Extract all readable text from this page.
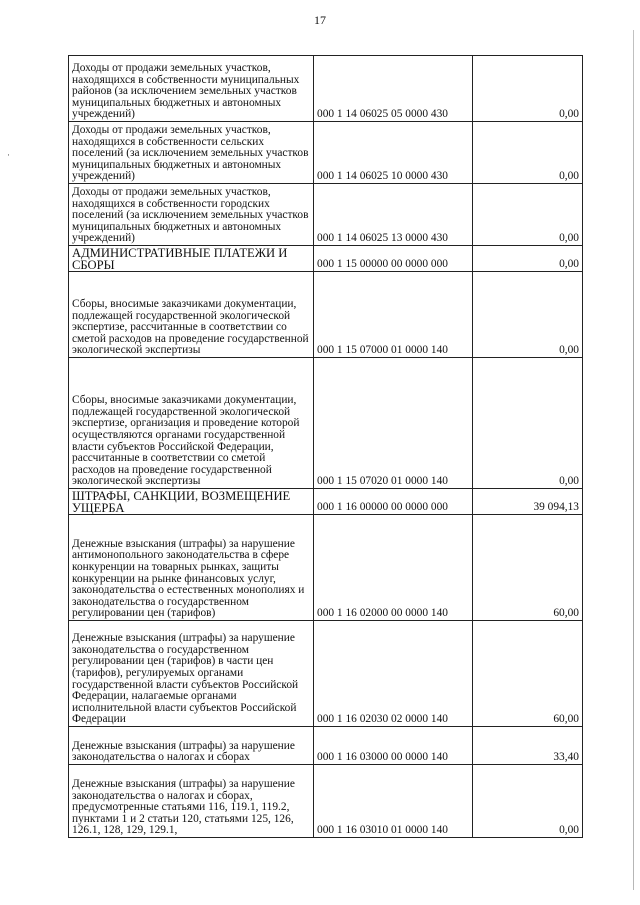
17
·
Доходы от продажи земельных участков, находящихся в собственности муниципальных районов (за исключением земельных участков муниципальных бюджетных и автономных учреждений)	000 1 14 06025 05 0000 430	0,00
Доходы от продажи земельных участков, находящихся в собственности сельских поселений (за исключением земельных участков муниципальных бюджетных и автономных учреждений)	000 1 14 06025 10 0000 430	0,00
Доходы от продажи земельных участков, находящихся в собственности городских поселений (за исключением земельных участков муниципальных бюджетных и автономных учреждений)	000 1 14 06025 13 0000 430	0,00
АДМИНИСТРАТИВНЫЕ ПЛАТЕЖИ И СБОРЫ	000 1 15 00000 00 0000 000	0,00
Сборы, вносимые заказчиками документации, подлежащей государственной экологической экспертизе, рассчитанные в соответствии со сметой расходов на проведение государственной экологической экспертизы	000 1 15 07000 01 0000 140	0,00
Сборы, вносимые заказчиками документации, подлежащей государственной экологической экспертизе, организация и проведение которой осуществляются органами государственной власти субъектов Российской Федерации, рассчитанные в соответствии со сметой расходов на проведение государственной экологической экспертизы	000 1 15 07020 01 0000 140	0,00
ШТРАФЫ, САНКЦИИ, ВОЗМЕЩЕНИЕ УЩЕРБА	000 1 16 00000 00 0000 000	39 094,13
Денежные взыскания (штрафы) за нарушение антимонопольного законодательства в сфере конкуренции на товарных рынках, защиты конкуренции на рынке финансовых услуг, законодательства о естественных монополиях и законодательства о государственном регулировании цен (тарифов)	000 1 16 02000 00 0000 140	60,00
Денежные взыскания (штрафы) за нарушение законодательства о государственном регулировании цен (тарифов) в части цен (тарифов), регулируемых органами государственной власти субъектов Российской Федерации, налагаемые органами исполнительной власти субъектов Российской Федерации	000 1 16 02030 02 0000 140	60,00
Денежные взыскания (штрафы) за нарушение законодательства о налогах и сборах	000 1 16 03000 00 0000 140	33,40
Денежные взыскания (штрафы) за нарушение законодательства о налогах и сборах, предусмотренные статьями 116, 119.1, 119.2, пунктами 1 и 2 статьи 120, статьями 125, 126, 126.1, 128, 129, 129.1,	000 1 16 03010 01 0000 140	0,00
